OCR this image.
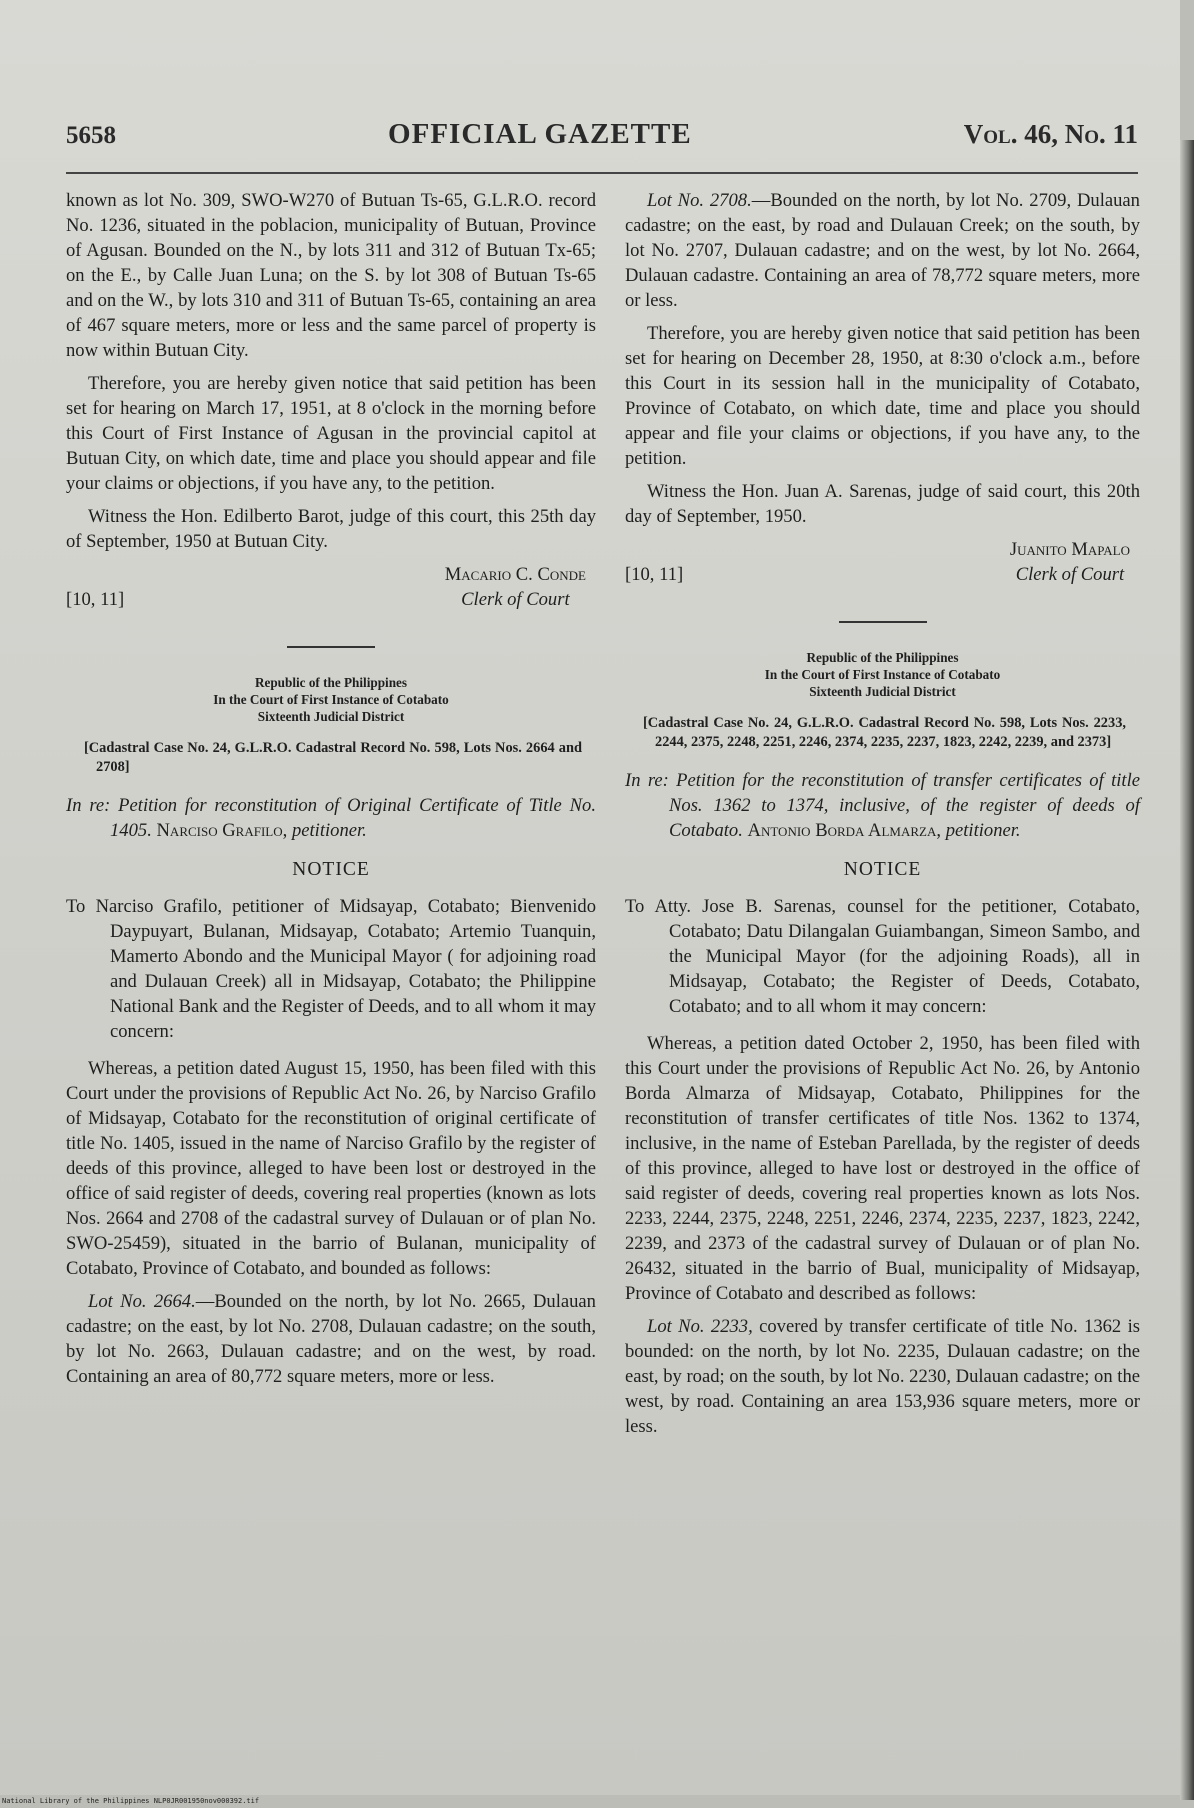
5658	OFFICIAL GAZETTE	Vol. 46, No. 11

known as lot No. 309, SWO-W270 of Butuan Ts-65, G.L.R.O. record No. 1236, situated in the poblacion, municipality of Butuan, Province of Agusan. Bounded on the N., by lots 311 and 312 of Butuan Tx-65; on the E., by Calle Juan Luna; on the S. by lot 308 of Butuan Ts-65 and on the W., by lots 310 and 311 of Butuan Ts-65, containing an area of 467 square meters, more or less and the same parcel of property is now within Butuan City.

Therefore, you are hereby given notice that said petition has been set for hearing on March 17, 1951, at 8 o'clock in the morning before this Court of First Instance of Agusan in the provincial capitol at Butuan City, on which date, time and place you should appear and file your claims or objections, if you have any, to the petition.

Witness the Hon. Edilberto Barot, judge of this court, this 25th day of September, 1950 at Butuan City.

[10, 11]
Macario C. Conde
Clerk of Court
Republic of the Philippines
In the Court of First Instance of Cotabato
Sixteenth Judicial District
[Cadastral Case No. 24, G.L.R.O. Cadastral Record No. 598, Lots Nos. 2664 and 2708]
In re: Petition for reconstitution of Original Certificate of Title No. 1405. Narciso Grafilo, petitioner.
NOTICE
To Narciso Grafilo, petitioner of Midsayap, Cotabato; Bienvenido Daypuyart, Bulanan, Midsayap, Cotabato; Artemio Tuanquin, Mamerto Abondo and the Municipal Mayor ( for adjoining road and Dulauan Creek) all in Midsayap, Cotabato; the Philippine National Bank and the Register of Deeds, and to all whom it may concern:

Whereas, a petition dated August 15, 1950, has been filed with this Court under the provisions of Republic Act No. 26, by Narciso Grafilo of Midsayap, Cotabato for the reconstitution of original certificate of title No. 1405, issued in the name of Narciso Grafilo by the register of deeds of this province, alleged to have been lost or destroyed in the office of said register of deeds, covering real properties (known as lots Nos. 2664 and 2708 of the cadastral survey of Dulauan or of plan No. SWO-25459), situated in the barrio of Bulanan, municipality of Cotabato, Province of Cotabato, and bounded as follows:

Lot No. 2664.—Bounded on the north, by lot No. 2665, Dulauan cadastre; on the east, by lot No. 2708, Dulauan cadastre; on the south, by lot No. 2663, Dulauan cadastre; and on the west, by road. Containing an area of 80,772 square meters, more or less.

Lot No. 2708.—Bounded on the north, by lot No. 2709, Dulauan cadastre; on the east, by road and Dulauan Creek; on the south, by lot No. 2707, Dulauan cadastre; and on the west, by lot No. 2664, Dulauan cadastre. Containing an area of 78,772 square meters, more or less.

Therefore, you are hereby given notice that said petition has been set for hearing on December 28, 1950, at 8:30 o'clock a.m., before this Court in its session hall in the municipality of Cotabato, Province of Cotabato, on which date, time and place you should appear and file your claims or objections, if you have any, to the petition.

Witness the Hon. Juan A. Sarenas, judge of said court, this 20th day of September, 1950.

[10, 11]
Juanito Mapalo
Clerk of Court
Republic of the Philippines
In the Court of First Instance of Cotabato
Sixteenth Judicial District
[Cadastral Case No. 24, G.L.R.O. Cadastral Record No. 598, Lots Nos. 2233, 2244, 2375, 2248, 2251, 2246, 2374, 2235, 2237, 1823, 2242, 2239, and 2373]
In re: Petition for the reconstitution of transfer certificates of title Nos. 1362 to 1374, inclusive, of the register of deeds of Cotabato. Antonio Borda Almarza, petitioner.
NOTICE
To Atty. Jose B. Sarenas, counsel for the petitioner, Cotabato, Cotabato; Datu Dilangalan Guiambangan, Simeon Sambo, and the Municipal Mayor (for the adjoining Roads), all in Midsayap, Cotabato; the Register of Deeds, Cotabato, Cotabato; and to all whom it may concern:

Whereas, a petition dated October 2, 1950, has been filed with this Court under the provisions of Republic Act No. 26, by Antonio Borda Almarza of Midsayap, Cotabato, Philippines for the reconstitution of transfer certificates of title Nos. 1362 to 1374, inclusive, in the name of Esteban Parellada, by the register of deeds of this province, alleged to have lost or destroyed in the office of said register of deeds, covering real properties known as lots Nos. 2233, 2244, 2375, 2248, 2251, 2246, 2374, 2235, 2237, 1823, 2242, 2239, and 2373 of the cadastral survey of Dulauan or of plan No. 26432, situated in the barrio of Bual, municipality of Midsayap, Province of Cotabato and described as follows:

Lot No. 2233, covered by transfer certificate of title No. 1362 is bounded: on the north, by lot No. 2235, Dulauan cadastre; on the east, by road; on the south, by lot No. 2230, Dulauan cadastre; on the west, by road. Containing an area 153,936 square meters, more or less.

National Library of the Philippines NLP0JR001950nov000392.tif
